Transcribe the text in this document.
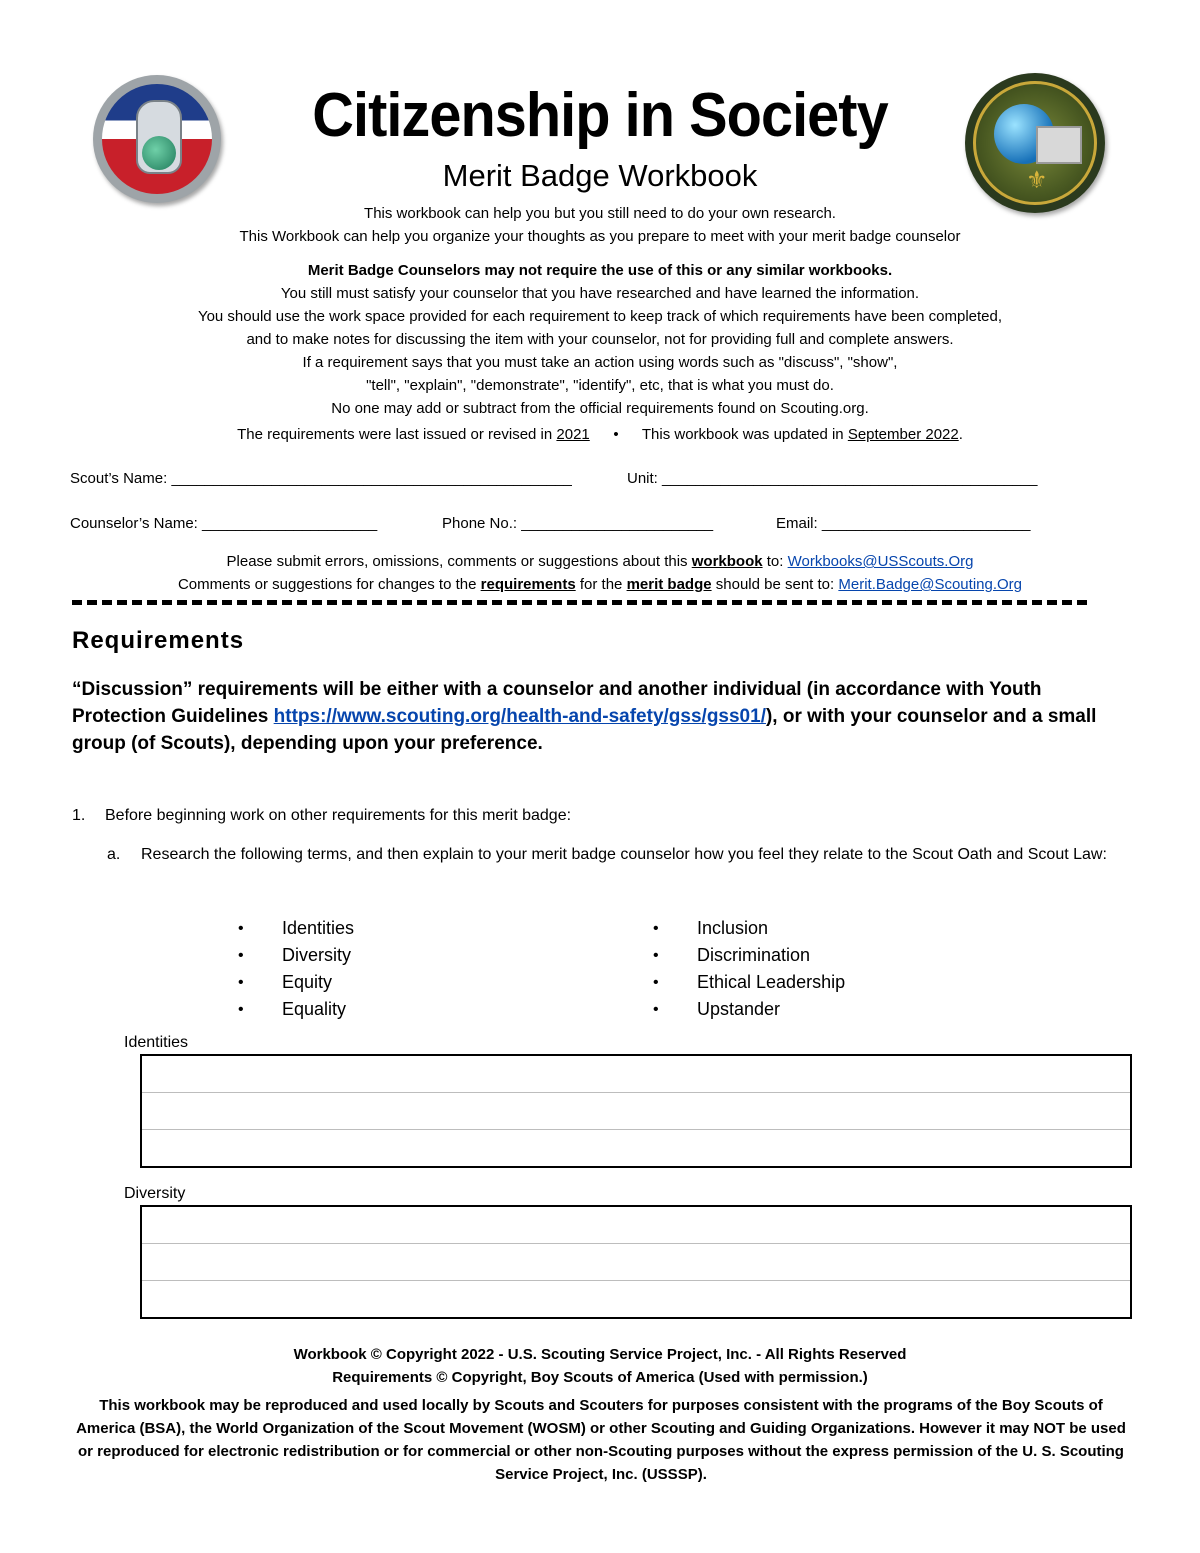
⚜
Citizenship in Society
Merit Badge Workbook
This workbook can help you but you still need to do your own research.
This Workbook can help you organize your thoughts as you prepare to meet with your merit badge counselor
Merit Badge Counselors may not require the use of this or any similar workbooks.
You still must satisfy your counselor that you have researched and have learned the information.
You should use the work space provided for each requirement to keep track of which requirements have been completed,
and to make notes for discussing the item with your counselor, not for providing full and complete answers.
If a requirement says that you must take an action using words such as "discuss", "show",
"tell", "explain", "demonstrate", "identify", etc, that is what you must do.
No one may add or subtract from the official requirements found on Scouting.org.
The requirements were last issued or revised in 2021 • This workbook was updated in September 2022.
Scout’s Name: ________________________________________________	Unit: _____________________________________________
Counselor’s Name: _____________________	Phone No.: _______________________	Email: _________________________
Please submit errors, omissions, comments or suggestions about this workbook to: Workbooks@USScouts.Org
Comments or suggestions for changes to the requirements for the merit badge should be sent to: Merit.Badge@Scouting.Org
Requirements
“Discussion” requirements will be either with a counselor and another individual (in accordance with Youth Protection Guidelines https://www.scouting.org/health-and-safety/gss/gss01/), or with your counselor and a small group (of Scouts), depending upon your preference.
1. Before beginning work on other requirements for this merit badge:
a. Research the following terms, and then explain to your merit badge counselor how you feel they relate to the Scout Oath and Scout Law:
• Identities
• Diversity
• Equity
• Equality
• Inclusion
• Discrimination
• Ethical Leadership
• Upstander
Identities
Diversity
Workbook © Copyright 2022 - U.S. Scouting Service Project, Inc. - All Rights Reserved
Requirements © Copyright, Boy Scouts of America (Used with permission.)
This workbook may be reproduced and used locally by Scouts and Scouters for purposes consistent with the programs of the Boy Scouts of America (BSA), the World Organization of the Scout Movement (WOSM) or other Scouting and Guiding Organizations. However it may NOT be used or reproduced for electronic redistribution or for commercial or other non-Scouting purposes without the express permission of the U. S. Scouting Service Project, Inc. (USSSP).
